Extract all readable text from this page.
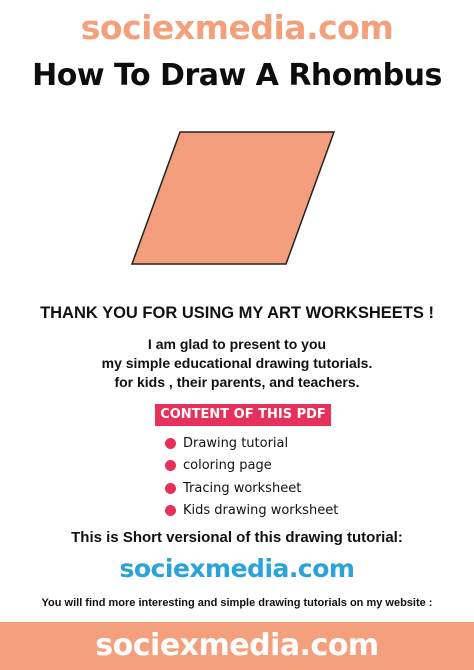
sociexmedia.com
How To Draw A Rhombus
THANK YOU FOR USING MY ART WORKSHEETS !
I am glad to present to you
my simple educational drawing tutorials.
for kids , their parents, and teachers.
CONTENT OF THIS PDF
Drawing tutorial
coloring page
Tracing worksheet
Kids drawing worksheet
This is Short versional of this drawing tutorial:
sociexmedia.com
You will find more interesting and simple drawing tutorials on my website :
sociexmedia.com
